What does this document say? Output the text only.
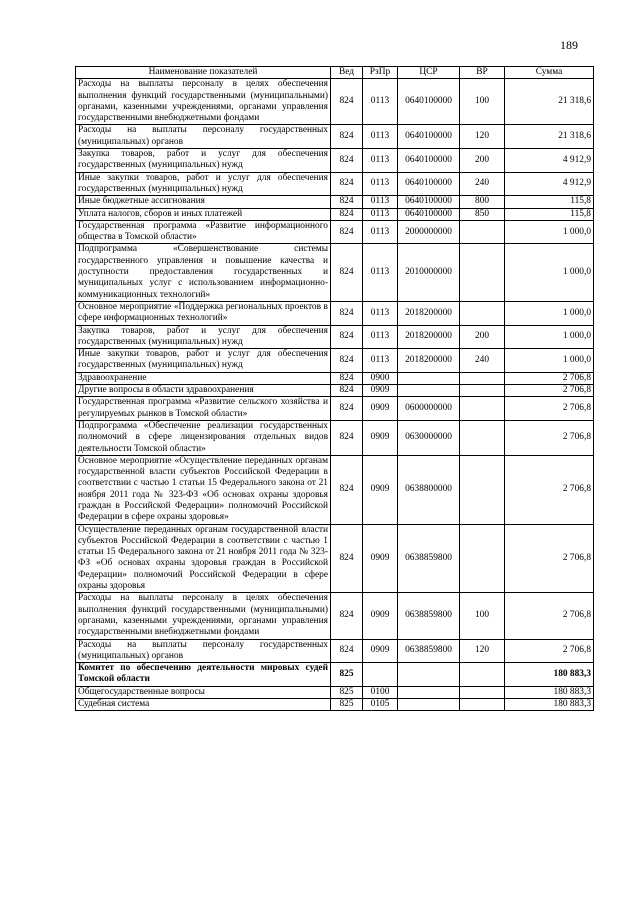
189
Наименование показателей	Вед	РзПр	ЦСР	ВР	Сумма
Расходы на выплаты персоналу в целях обеспечения выполнения функций государственными (муниципальными) органами, казенными учреждениями, органами управления государственными внебюджетными фондами	824	0113	0640100000	100	21 318,6
Расходы на выплаты персоналу государственных (муниципальных) органов	824	0113	0640100000	120	21 318,6
Закупка товаров, работ и услуг для обеспечения государственных (муниципальных) нужд	824	0113	0640100000	200	4 912,9
Иные закупки товаров, работ и услуг для обеспечения государственных (муниципальных) нужд	824	0113	0640100000	240	4 912,9
Иные бюджетные ассигнования	824	0113	0640100000	800	115,8
Уплата налогов, сборов и иных платежей	824	0113	0640100000	850	115,8
Государственная программа «Развитие информационного общества в Томской области»	824	0113	2000000000		1 000,0
Подпрограмма «Совершенствование системы государственного управления и повышение качества и доступности предоставления государственных и муниципальных услуг с использованием информационно-коммуникационных технологий»	824	0113	2010000000		1 000,0
Основное мероприятие «Поддержка региональных проектов в сфере информационных технологий»	824	0113	2018200000		1 000,0
Закупка товаров, работ и услуг для обеспечения государственных (муниципальных) нужд	824	0113	2018200000	200	1 000,0
Иные закупки товаров, работ и услуг для обеспечения государственных (муниципальных) нужд	824	0113	2018200000	240	1 000,0
Здравоохранение	824	0900			2 706,8
Другие вопросы в области здравоохранения	824	0909			2 706,8
Государственная программа «Развитие сельского хозяйства и регулируемых рынков в Томской области»	824	0909	0600000000		2 706,8
Подпрограмма «Обеспечение реализации государственных полномочий в сфере лицензирования отдельных видов деятельности Томской области»	824	0909	0630000000		2 706,8
Основное мероприятие «Осуществление переданных органам государственной власти субъектов Российской Федерации в соответствии с частью 1 статьи 15 Федерального закона от 21 ноября 2011 года № 323-ФЗ «Об основах охраны здоровья граждан в Российской Федерации» полномочий Российской Федерации в сфере охраны здоровья»	824	0909	0638800000		2 706,8
Осуществление переданных органам государственной власти субъектов Российской Федерации в соответствии с частью 1 статьи 15 Федерального закона от 21 ноября 2011 года № 323-ФЗ «Об основах охраны здоровья граждан в Российской Федерации» полномочий Российской Федерации в сфере охраны здоровья	824	0909	0638859800		2 706,8
Расходы на выплаты персоналу в целях обеспечения выполнения функций государственными (муниципальными) органами, казенными учреждениями, органами управления государственными внебюджетными фондами	824	0909	0638859800	100	2 706,8
Расходы на выплаты персоналу государственных (муниципальных) органов	824	0909	0638859800	120	2 706,8
Комитет по обеспечению деятельности мировых судей Томской области	825				180 883,3
Общегосударственные вопросы	825	0100			180 883,3
Судебная система	825	0105			180 883,3
